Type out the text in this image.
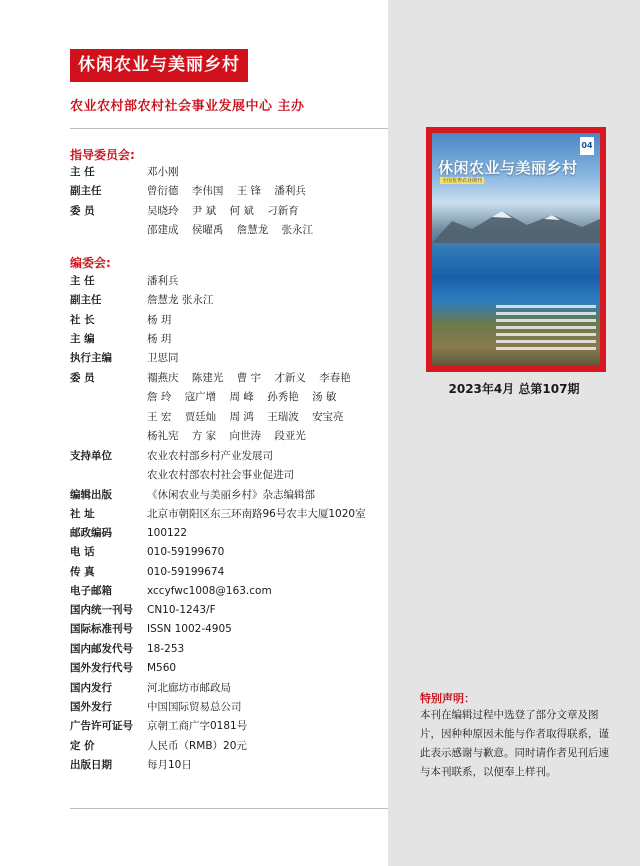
休闲农业与美丽乡村
农业农村部农村社会事业发展中心 主办
指导委员会:
主 任	邓小刚
副主任	曾衍德 李伟国 王 锋 潘利兵
委 员	吴晓玲 尹 斌 何 斌 刁新育
邵建成 侯曜禹 詹慧龙 张永江
编委会:
主 任	潘利兵
副主任	詹慧龙 张永江
社 长	杨 玥
主 编	杨 玥
执行主编	卫思同
委 员	禤燕庆 陈建光 曹 宇 才新义 李春艳
詹 玲 寇广增 周 峰 孙秀艳 汤 敏
王 宏 贾廷灿 周 鸿 王瑞波 安宝亮
杨礼宪 方 家 向世涛 段亚光
支持单位	农业农村部乡村产业发展司
农业农村部农村社会事业促进司
编辑出版	《休闲农业与美丽乡村》杂志编辑部
社 址	北京市朝阳区东三环南路96号农丰大厦1020室
邮政编码	100122
电 话	010-59199670
传 真	010-59199674
电子邮箱	xccyfwc1008@163.com
国内统一刊号	CN10-1243/F
国际标准刊号	ISSN 1002-4905
国内邮发代号	18-253
国外发行代号	M560
国内发行	河北廊坊市邮政局
国外发行	中国国际贸易总公司
广告许可证号	京朝工商广字0181号
定 价	人民币（RMB）20元
出版日期	每月10日
04
休闲农业与美丽乡村
全国优秀农业期刊
2023年4月 总第107期
特别声明：
本刊在编辑过程中选登了部分文章及图片，因种种原因未能与作者取得联系，谨此表示感谢与歉意。同时请作者见刊后速与本刊联系，以便奉上样刊。
